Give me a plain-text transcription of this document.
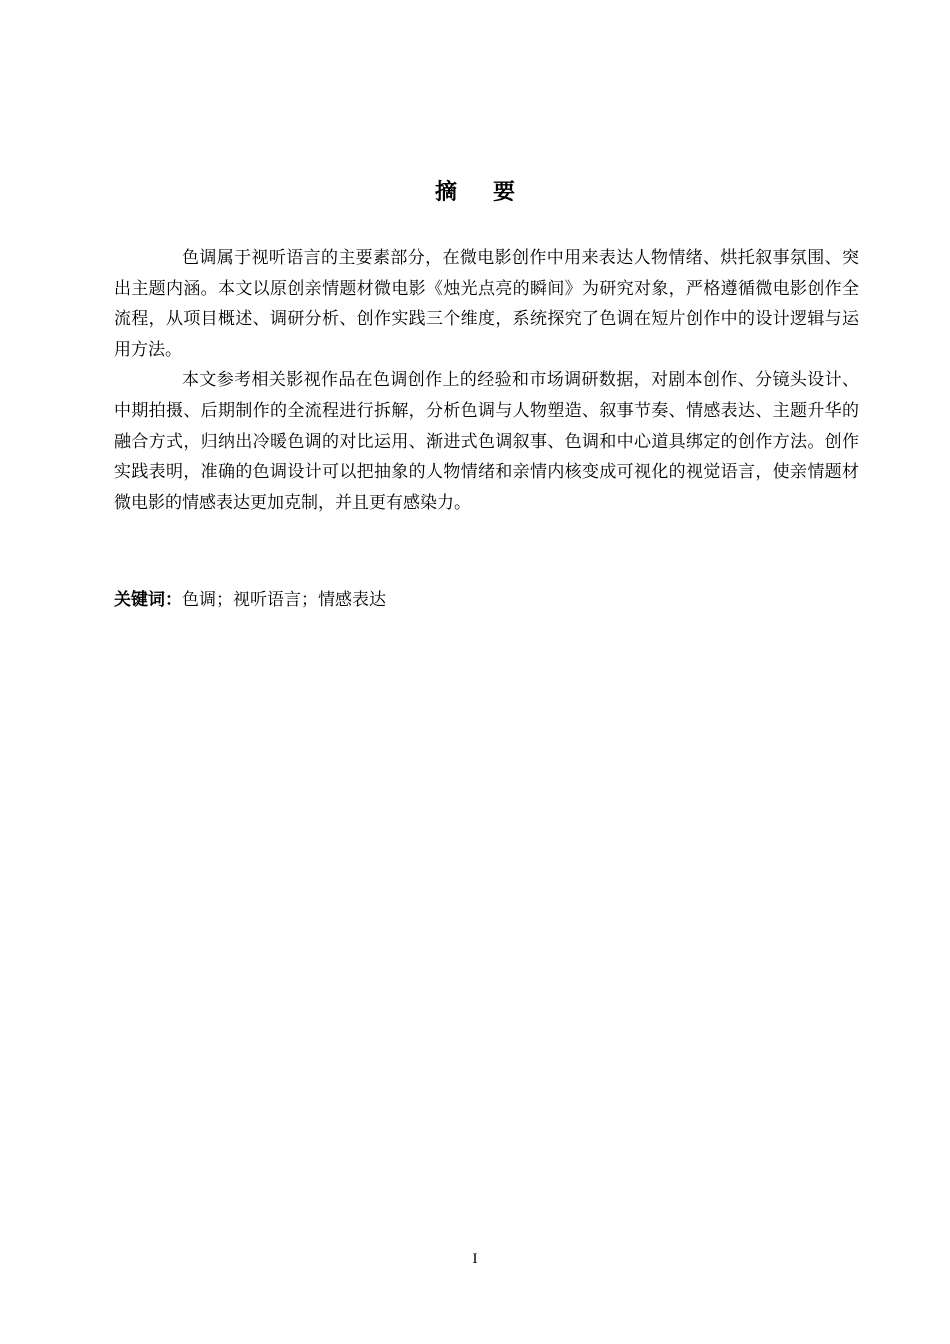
摘要

色调属于视听语言的主要素部分，在微电影创作中用来表达人物情绪、烘托叙事氛围、突出主题内涵。本文以原创亲情题材微电影《烛光点亮的瞬间》为研究对象，严格遵循微电影创作全流程，从项目概述、调研分析、创作实践三个维度，系统探究了色调在短片创作中的设计逻辑与运用方法。

本文参考相关影视作品在色调创作上的经验和市场调研数据，对剧本创作、分镜头设计、中期拍摄、后期制作的全流程进行拆解，分析色调与人物塑造、叙事节奏、情感表达、主题升华的融合方式，归纳出冷暖色调的对比运用、渐进式色调叙事、色调和中心道具绑定的创作方法。创作实践表明，准确的色调设计可以把抽象的人物情绪和亲情内核变成可视化的视觉语言，使亲情题材微电影的情感表达更加克制，并且更有感染力。

关键词：色调；视听语言；情感表达
I
